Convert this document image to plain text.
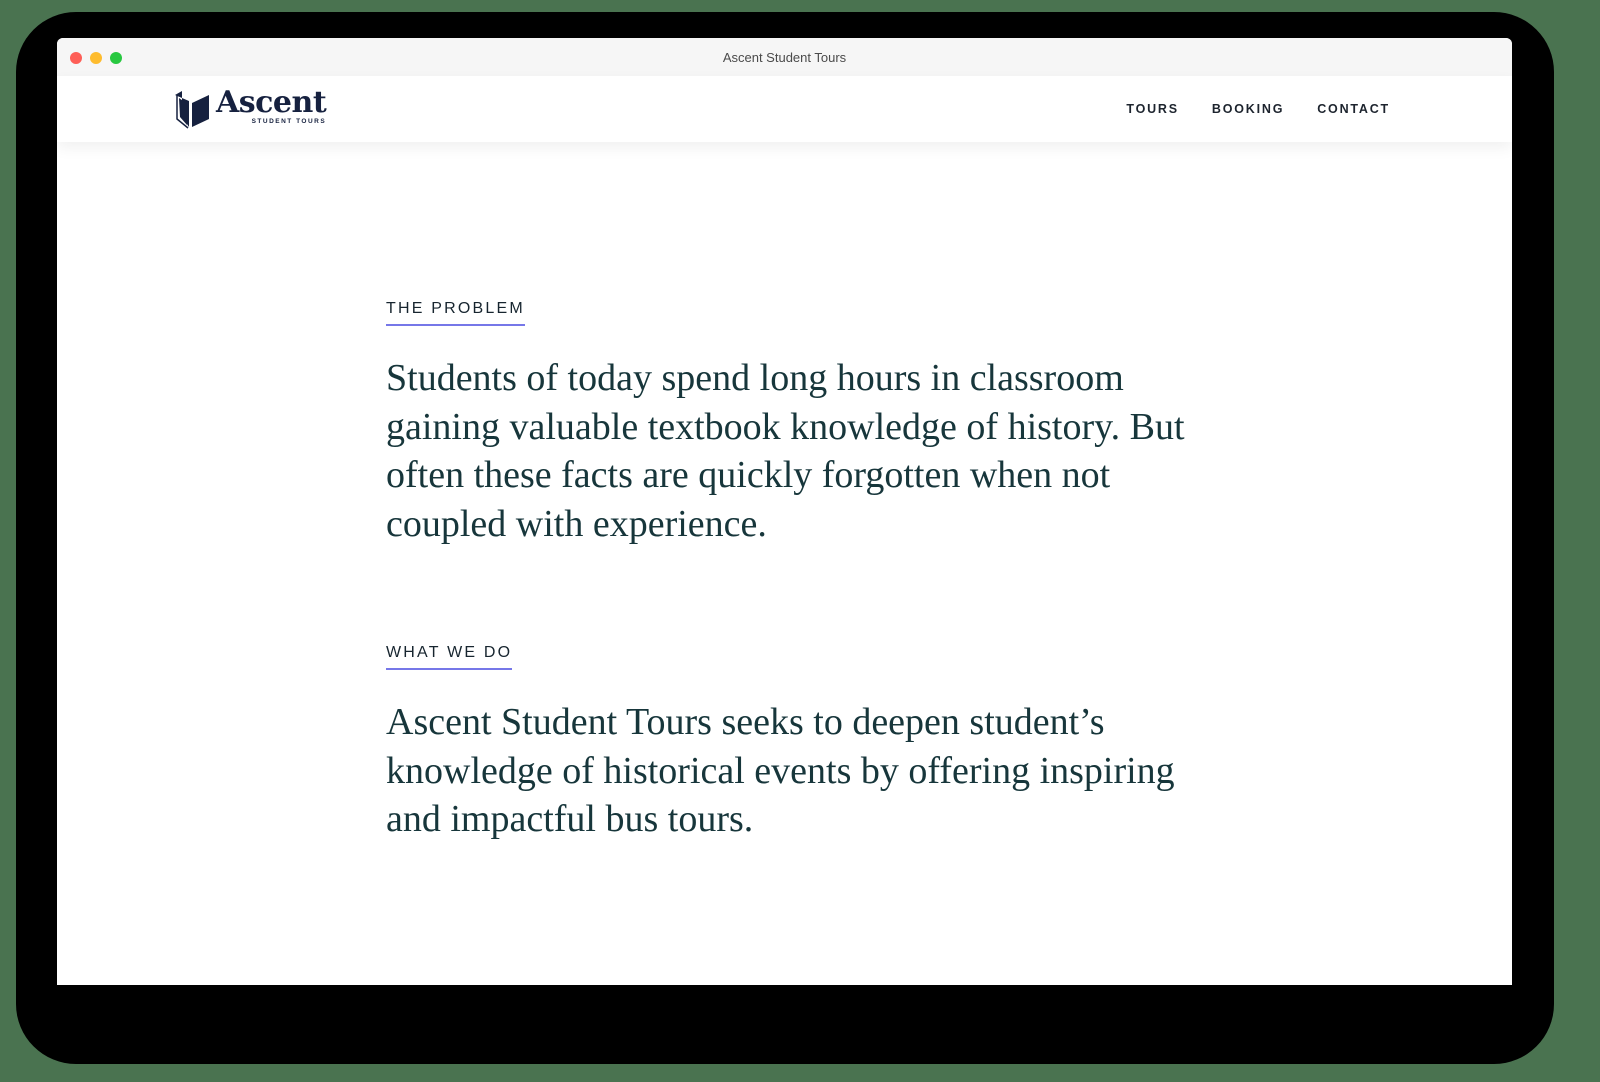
Ascent Student Tours
Ascent
STUDENT TOURS
TOURS	BOOKING	CONTACT
THE PROBLEM

Students of today spend long hours in classroom gaining valuable textbook knowledge of history. But often these facts are quickly forgotten when not coupled with experience.

WHAT WE DO

Ascent Student Tours seeks to deepen student’s knowledge of historical events by offering inspiring and impactful bus tours.
